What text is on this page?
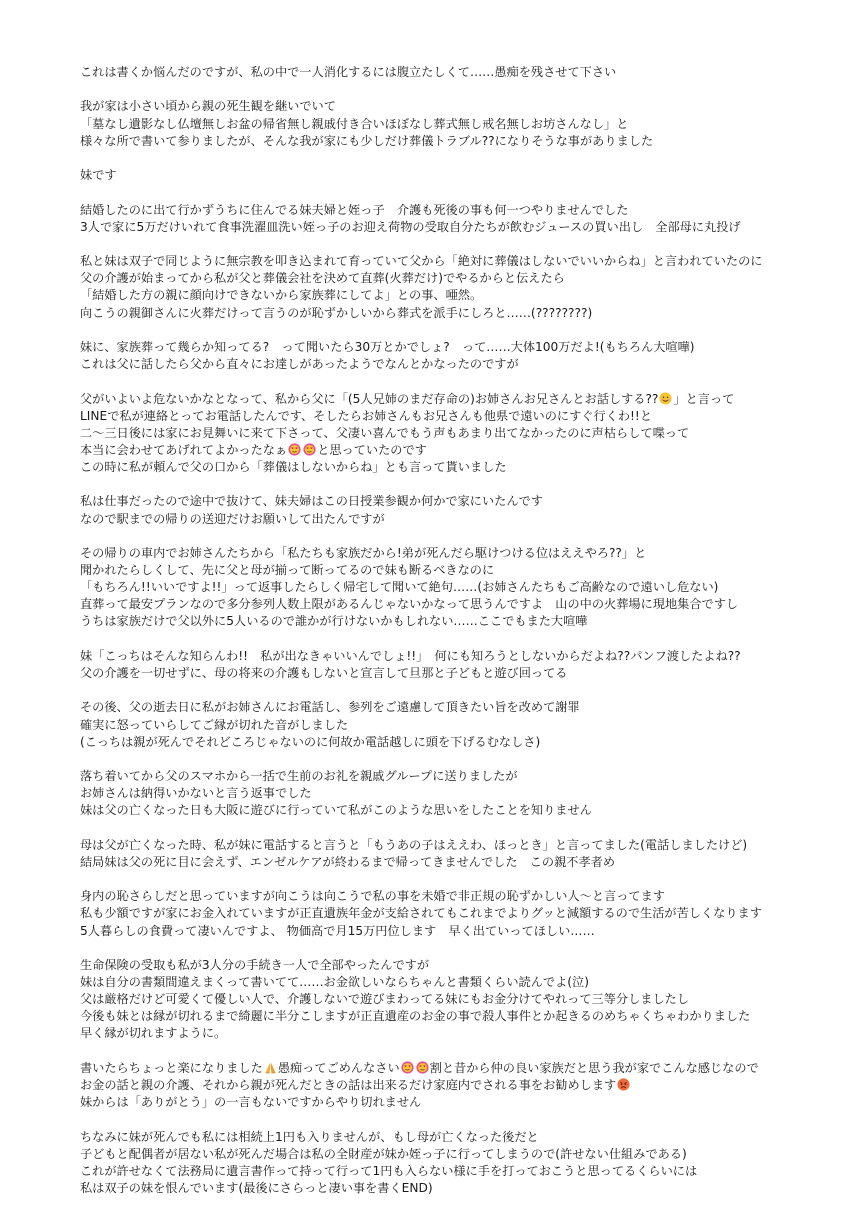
これは書くか悩んだのですが、私の中で一人消化するには腹立たしくて……愚痴を残させて下さい
我が家は小さい頃から親の死生観を継いでいて
「墓なし遺影なし仏壇無しお盆の帰省無し親戚付き合いほぼなし葬式無し戒名無しお坊さんなし」と
様々な所で書いて参りましたが、そんな我が家にも少しだけ葬儀トラブル??になりそうな事がありました
妹です
結婚したのに出て行かずうちに住んでる妹夫婦と姪っ子　介護も死後の事も何一つやりませんでした
3人で家に5万だけいれて食事洗濯皿洗い姪っ子のお迎え荷物の受取自分たちが飲むジュースの買い出し　全部母に丸投げ
私と妹は双子で同じように無宗教を叩き込まれて育っていて父から「絶対に葬儀はしないでいいからね」と言われていたのに
父の介護が始まってから私が父と葬儀会社を決めて直葬(火葬だけ)でやるからと伝えたら
「結婚した方の親に顔向けできないから家族葬にしてよ」との事、唖然。
向こうの親御さんに火葬だけって言うのが恥ずかしいから葬式を派手にしろと……(????????)
妹に、家族葬って幾らか知ってる?　って聞いたら30万とかでしょ?　って……大体100万だよ!(もちろん大喧嘩)
これは父に話したら父から直々にお達しがあったようでなんとかなったのですが
父がいよいよ危ないかなとなって、私から父に「(5人兄姉のまだ存命の)お姉さんお兄さんとお話しする?? 」と言って
LINEで私が連絡とってお電話したんです、そしたらお姉さんもお兄さんも他県で遠いのにすぐ行くわ!!と
二〜三日後には家にお見舞いに来て下さって、父凄い喜んでもう声もあまり出てなかったのに声枯らして喋って
本当に会わせてあげれてよかったなぁ と思っていたのです
この時に私が頼んで父の口から「葬儀はしないからね」とも言って貰いました
私は仕事だったので途中で抜けて、妹夫婦はこの日授業参観か何かで家にいたんです
なので駅までの帰りの送迎だけお願いして出たんですが
その帰りの車内でお姉さんたちから「私たちも家族だから!弟が死んだら駆けつける位はええやろ??」と
聞かれたらしくして、先に父と母が揃って断ってるので妹も断るべきなのに
「もちろん!!いいですよ!!」って返事したらしく帰宅して聞いて絶句……(お姉さんたちもご高齢なので遠いし危ない)
直葬って最安プランなので多分参列人数上限があるんじゃないかなって思うんですよ　山の中の火葬場に現地集合ですし
うちは家族だけで父以外に5人いるので誰かが行けないかもしれない……ここでもまた大喧嘩
妹「こっちはそんな知らんわ!!　私が出なきゃいいんでしょ!!」　何にも知ろうとしないからだよね??パンフ渡したよね??
父の介護を一切せずに、母の将来の介護もしないと宣言して旦那と子どもと遊び回ってる
その後、父の逝去日に私がお姉さんにお電話し、参列をご遠慮して頂きたい旨を改めて謝罪
確実に怒っていらしてご縁が切れた音がしました
(こっちは親が死んでそれどころじゃないのに何故か電話越しに頭を下げるむなしさ)
落ち着いてから父のスマホから一括で生前のお礼を親戚グループに送りましたが
お姉さんは納得いかないと言う返事でした
妹は父の亡くなった日も大阪に遊びに行っていて私がこのような思いをしたことを知りません
母は父が亡くなった時、私が妹に電話すると言うと「もうあの子はええわ、ほっとき」と言ってました(電話しましたけど)
結局妹は父の死に目に会えず、エンゼルケアが終わるまで帰ってきませんでした　この親不孝者め
身内の恥さらしだと思っていますが向こうは向こうで私の事を未婚で非正規の恥ずかしい人〜と言ってます
私も少額ですが家にお金入れていますが正直遺族年金が支給されてもこれまでよりグッと減額するので生活が苦しくなります
5人暮らしの食費って凄いんですよ、 物価高で月15万円位します　早く出ていってほしい……
生命保険の受取も私が3人分の手続き一人で全部やったんですが
妹は自分の書類間違えまくって書いてて……お金欲しいならちゃんと書類くらい読んでよ(泣)
父は厳格だけど可愛くて優しい人で、介護しないで遊びまわってる妹にもお金分けてやれって三等分しましたし
今後も妹とは縁が切れるまで綺麗に半分こしますが正直遺産のお金の事で殺人事件とか起きるのめちゃくちゃわかりました
早く縁が切れますように。
書いたらちょっと楽になりました 愚痴ってごめんなさい 割と昔から仲の良い家族だと思う我が家でこんな感じなので
お金の話と親の介護、それから親が死んだときの話は出来るだけ家庭内でされる事をお勧めします
妹からは「ありがとう」の一言もないですからやり切れません
ちなみに妹が死んでも私には相続上1円も入りませんが、もし母が亡くなった後だと
子どもと配偶者が居ない私が死んだ場合は私の全財産が妹か姪っ子に行ってしまうので(許せない仕組みである)
これが許せなくて法務局に遺言書作って持って行って1円も入らない様に手を打っておこうと思ってるくらいには
私は双子の妹を恨んでいます(最後にさらっと凄い事を書くEND)
